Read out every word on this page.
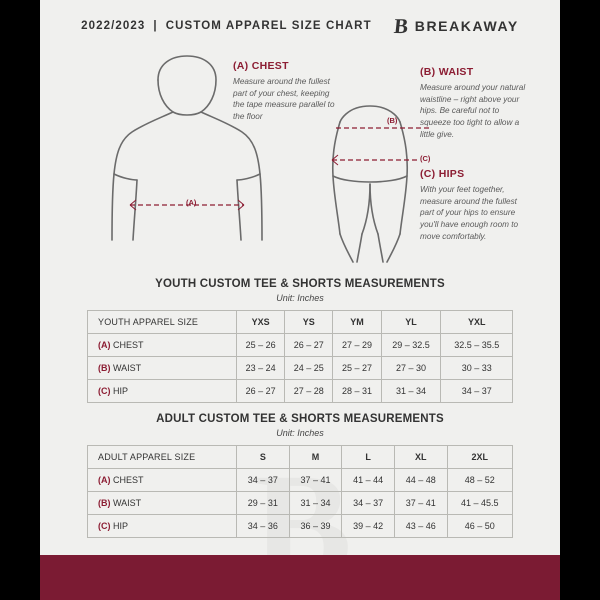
2022/2023 | CUSTOM APPAREL SIZE CHART B BREAKAWAY
(A)
(B)
(C)
(A) CHEST
Measure around the fullest part of your chest, keeping the tape measure parallel to the floor
(B) WAIST
Measure around your natural waistline – right above your hips. Be careful not to squeeze too tight to allow a little give.
(C) HIPS
With your feet together, measure around the fullest part of your hips to ensure you'll have enough room to move comfortably.
YOUTH CUSTOM TEE & SHORTS MEASUREMENTS
Unit: Inches
YOUTH APPAREL SIZE	YXS	YS	YM	YL	YXL
(A) CHEST	25 – 26	26 – 27	27 – 29	29 – 32.5	32.5 – 35.5
(B) WAIST	23 – 24	24 – 25	25 – 27	27 – 30	30 – 33
(C) HIP	26 – 27	27 – 28	28 – 31	31 – 34	34 – 37
ADULT CUSTOM TEE & SHORTS MEASUREMENTS
Unit: Inches
ADULT APPAREL SIZE	S	M	L	XL	2XL
(A) CHEST	34 – 37	37 – 41	41 – 44	44 – 48	48 – 52
(B) WAIST	29 – 31	31 – 34	34 – 37	37 – 41	41 – 45.5
(C) HIP	34 – 36	36 – 39	39 – 42	43 – 46	46 – 50
